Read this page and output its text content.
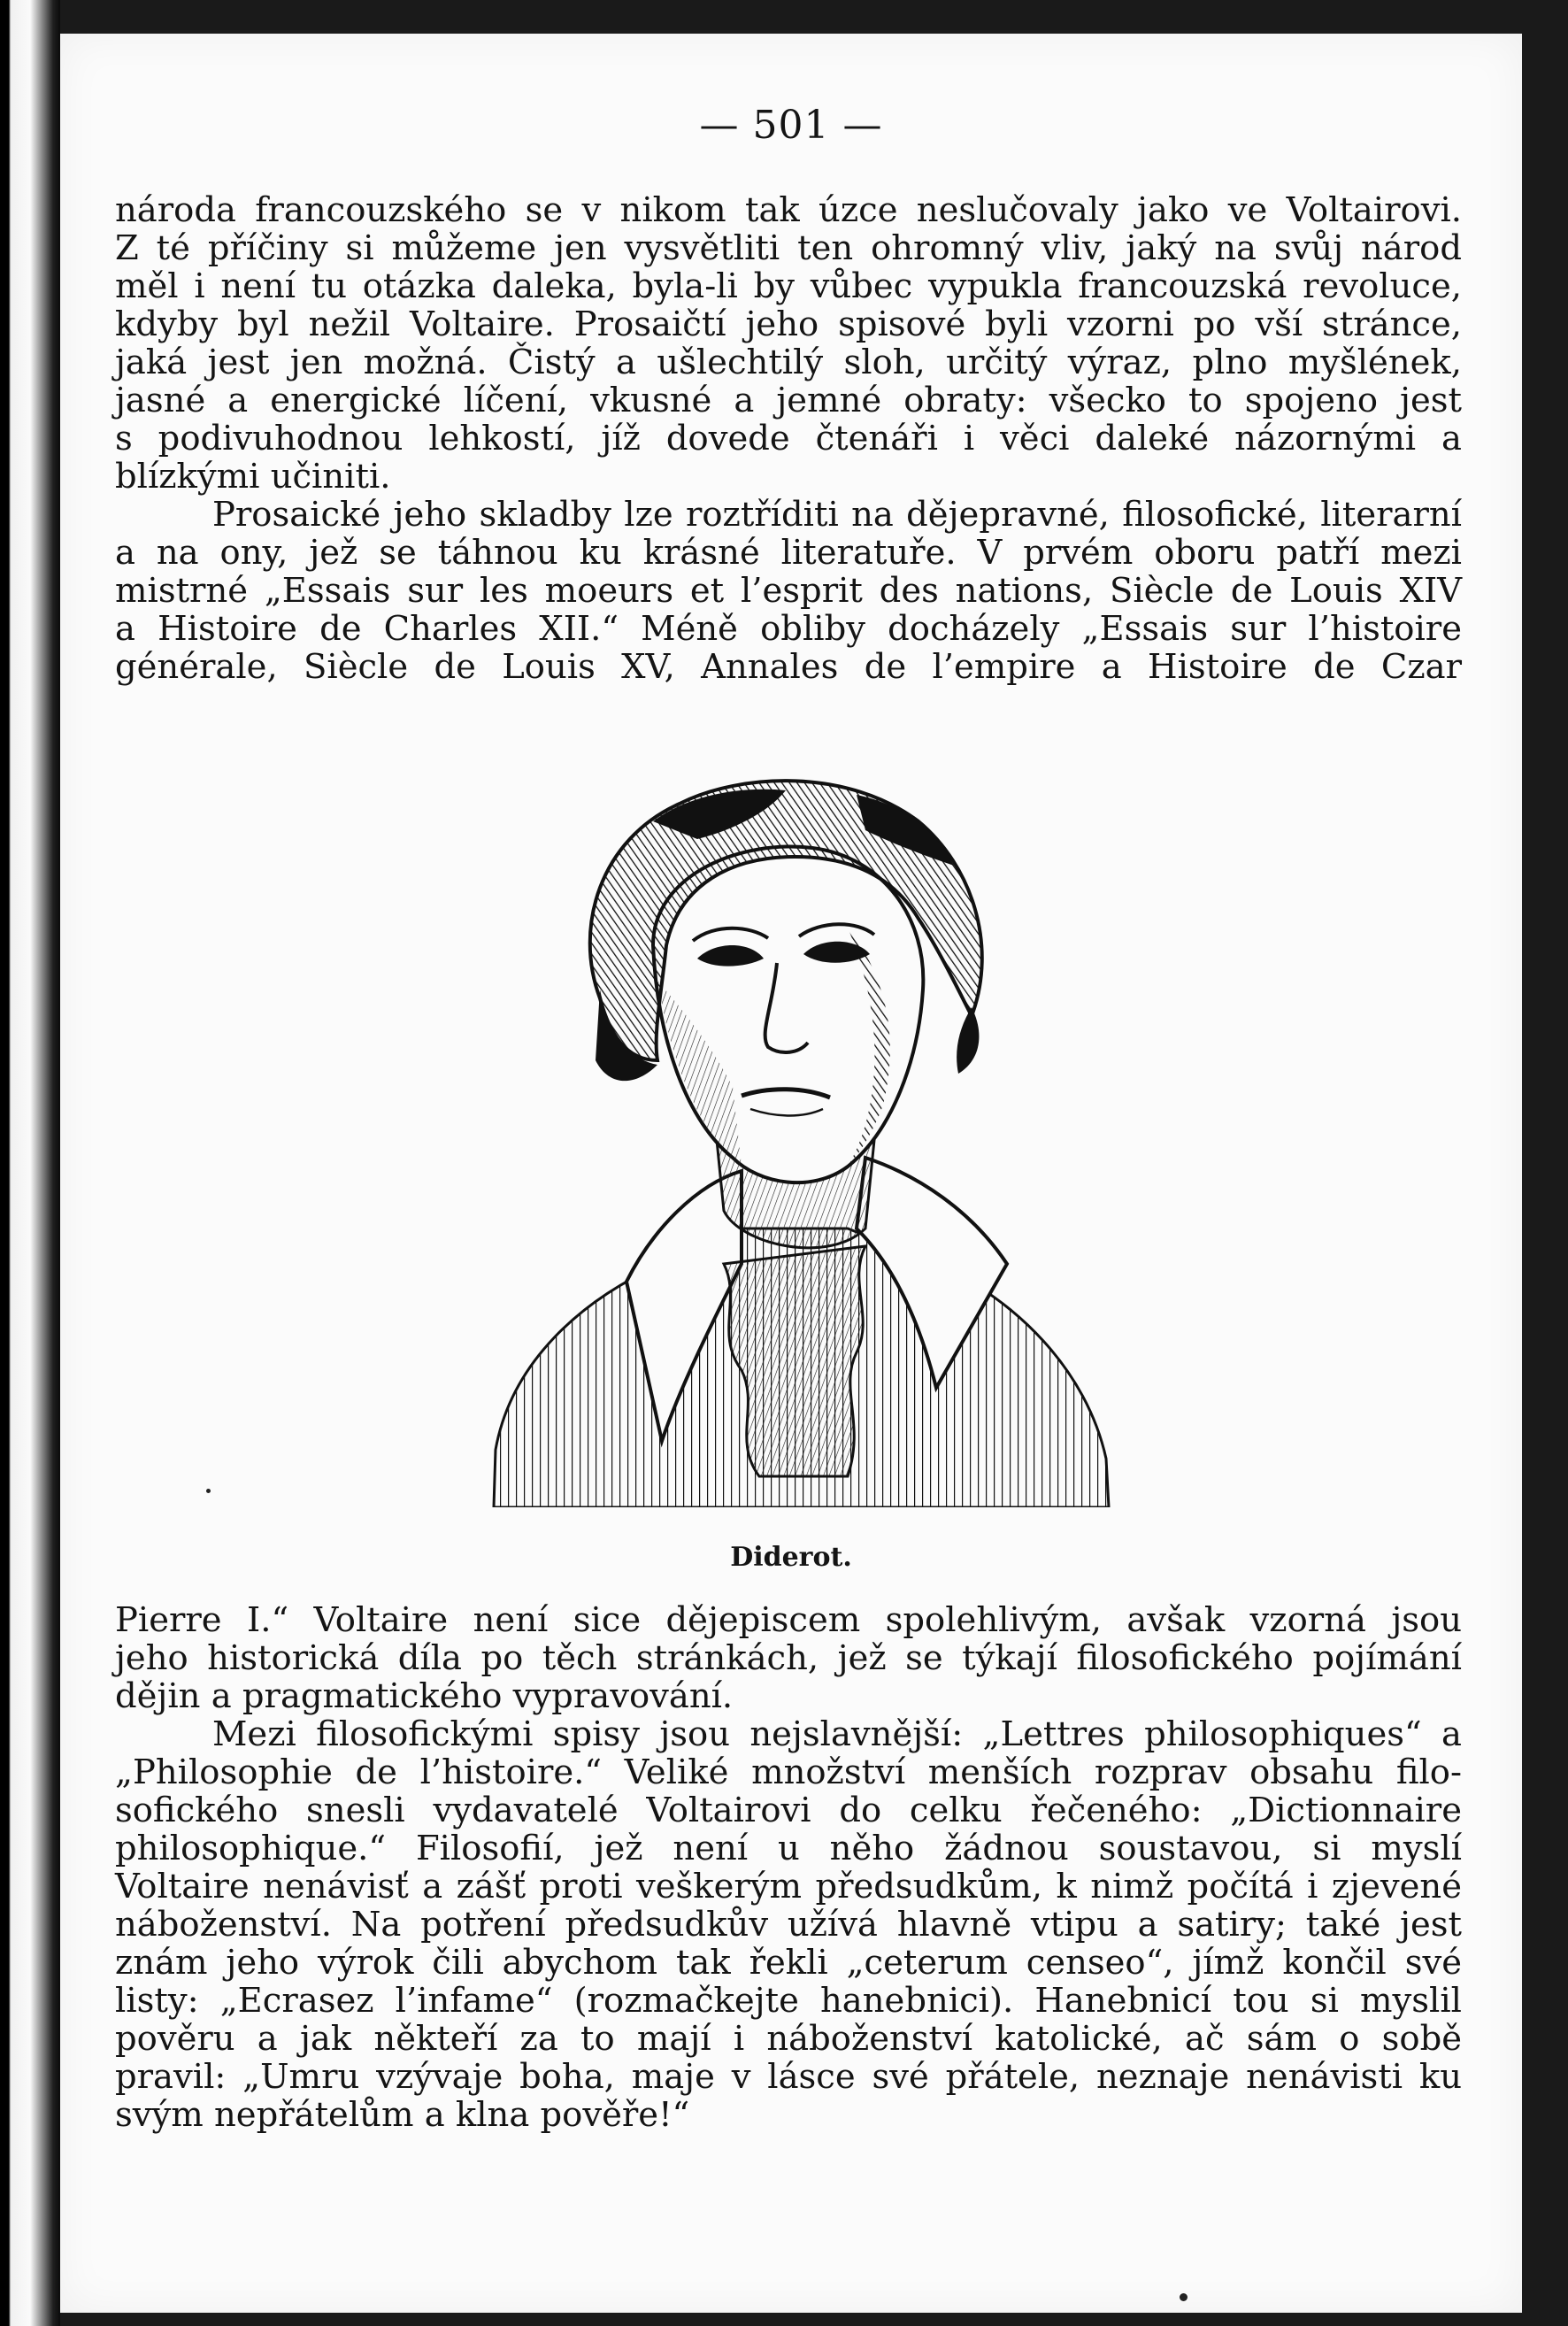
— 501 —
národa francouzského se v nikom tak úzce neslučovaly jako ve Voltairovi.
Z té příčiny si můžeme jen vysvětliti ten ohromný vliv, jaký na svůj národ
měl i není tu otázka daleka, byla-li by vůbec vypukla francouzská revoluce,
kdyby byl nežil Voltaire. Prosaičtí jeho spisové byli vzorni po vší stránce,
jaká jest jen možná. Čistý a ušlechtilý sloh, určitý výraz, plno myšlének,
jasné a energické líčení, vkusné a jemné obraty: všecko to spojeno jest
s podivuhodnou lehkostí, jíž dovede čtenáři i věci daleké názornými a
blízkými učiniti.
Prosaické jeho skladby lze roztříditi na dějepravné, filosofické, literarní
a na ony, jež se táhnou ku krásné literatuře. V prvém oboru patří mezi
mistrné „Essais sur les moeurs et l’esprit des nations, Siècle de Louis XIV
a Histoire de Charles XII.“ Méně obliby docházely „Essais sur l’histoire
générale, Siècle de Louis XV, Annales de l’empire a Histoire de Czar
Diderot.
Pierre I.“ Voltaire není sice dějepiscem spolehlivým, avšak vzorná jsou
jeho historická díla po těch stránkách, jež se týkají filosofického pojímání
dějin a pragmatického vypravování.
Mezi filosofickými spisy jsou nejslavnější: „Lettres philosophiques“ a
„Philosophie de l’histoire.“ Veliké množství menších rozprav obsahu filo-
sofického snesli vydavatelé Voltairovi do celku řečeného: „Dictionnaire
philosophique.“ Filosofií, jež není u něho žádnou soustavou, si myslí
Voltaire nenávisť a zášť proti veškerým předsudkům, k nimž počítá i zjevené
náboženství. Na potření předsudkův užívá hlavně vtipu a satiry; také jest
znám jeho výrok čili abychom tak řekli „ceterum censeo“, jímž končil své
listy: „Ecrasez l’infame“ (rozmačkejte hanebnici). Hanebnicí tou si myslil
pověru a jak někteří za to mají i náboženství katolické, ač sám o sobě
pravil: „Umru vzývaje boha, maje v lásce své přátele, neznaje nenávisti ku
svým nepřátelům a klna pověře!“
